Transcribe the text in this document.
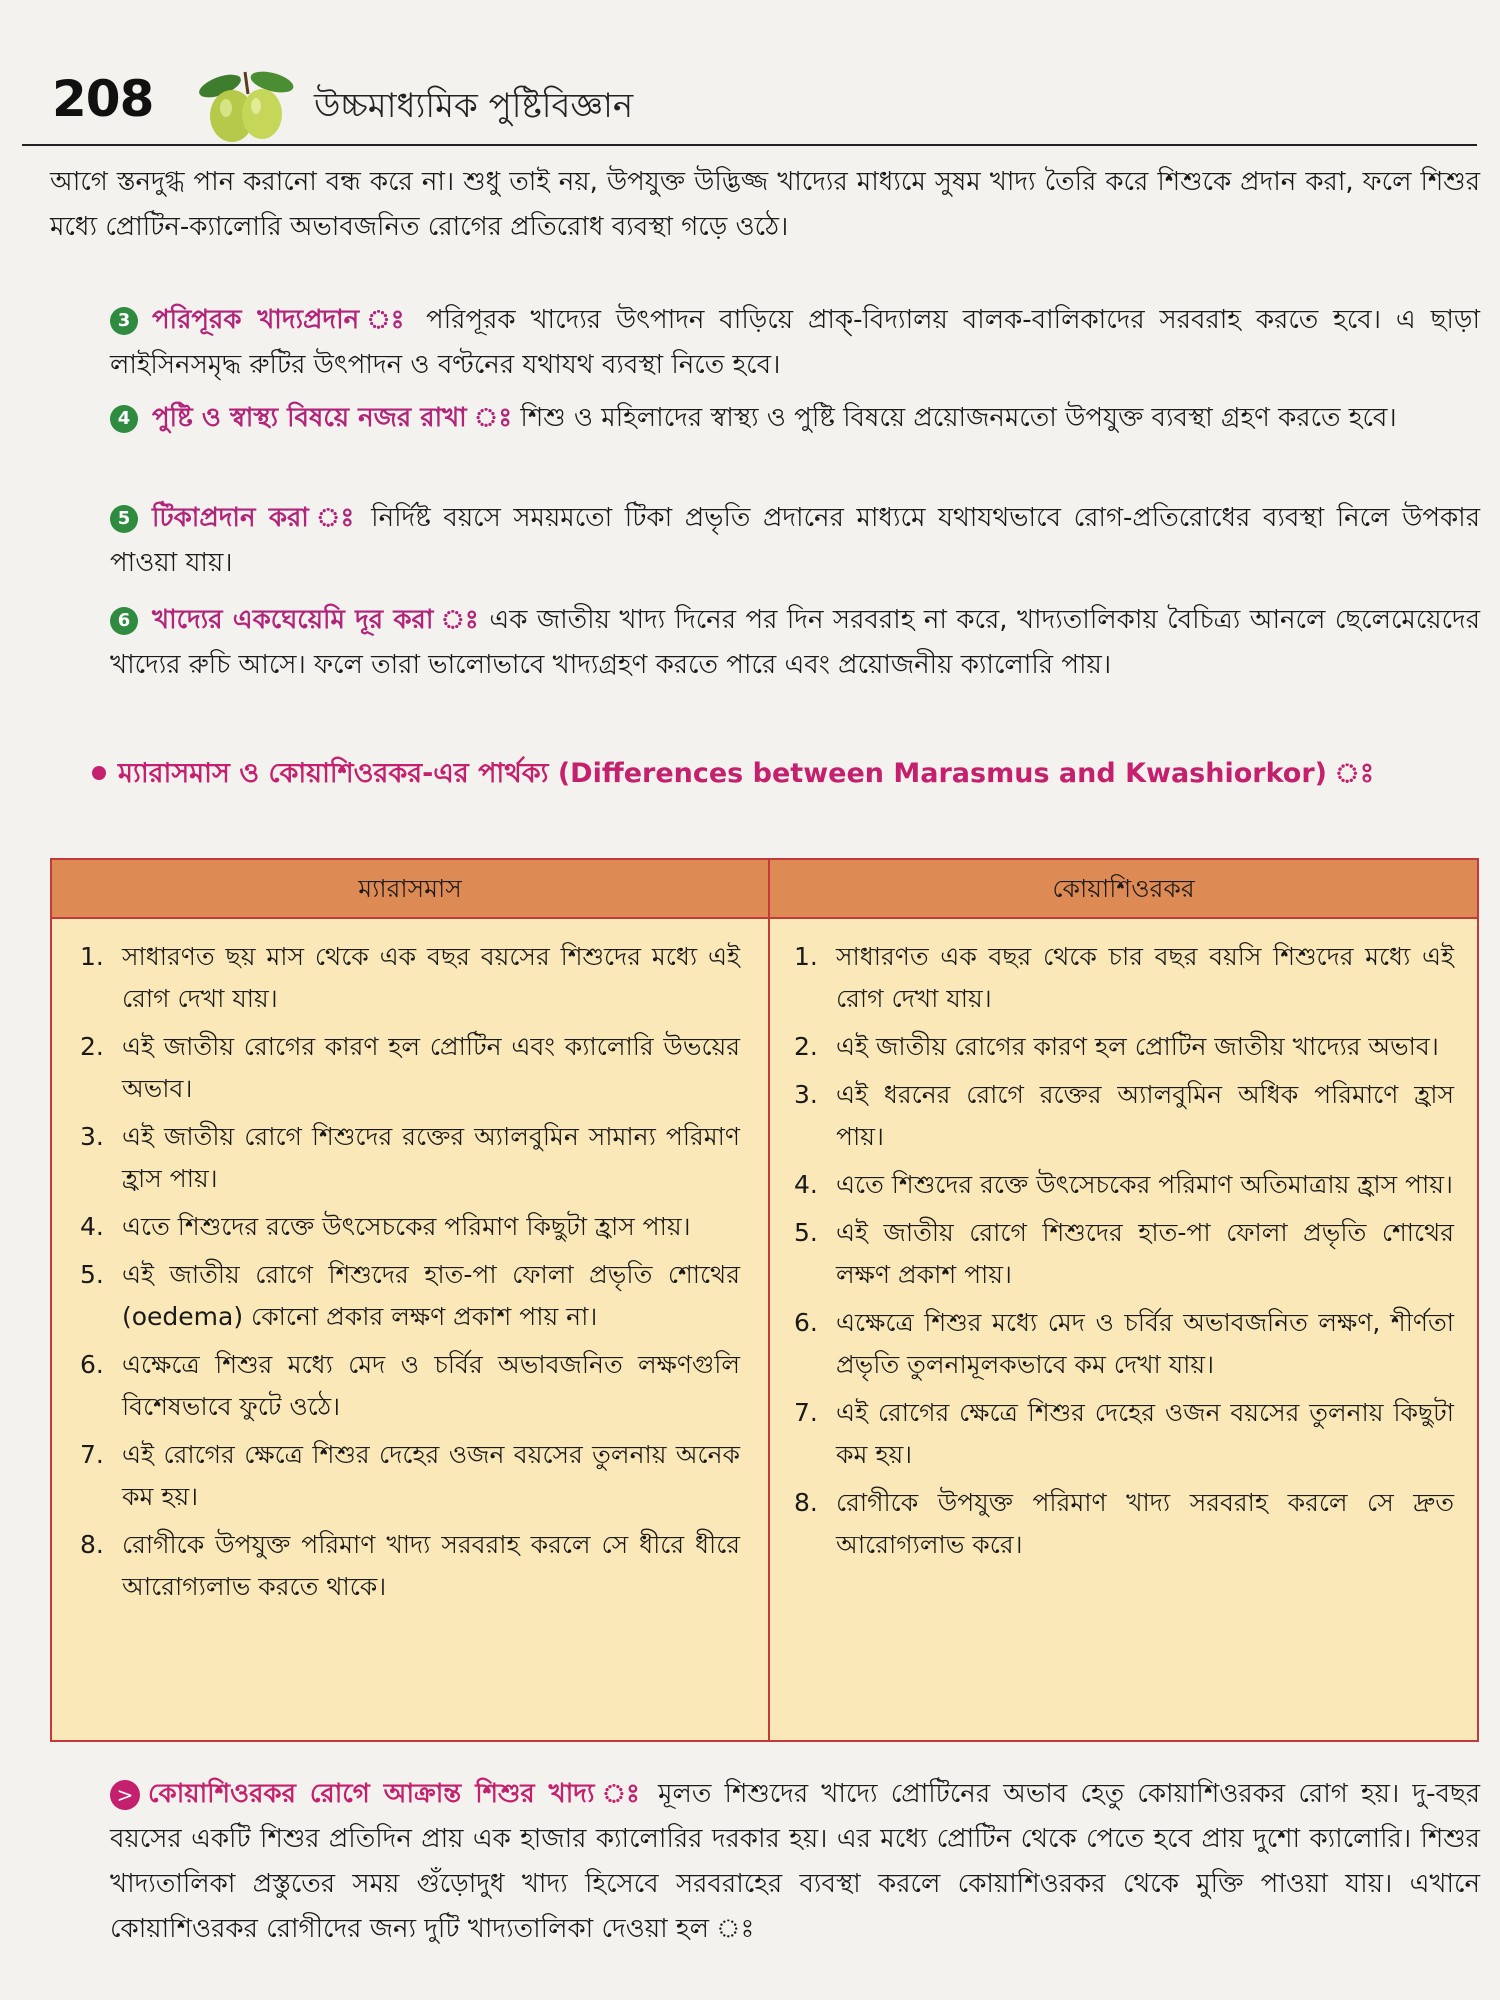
208	উচ্চমাধ্যমিক পুষ্টিবিজ্ঞান
আগে স্তনদুগ্ধ পান করানো বন্ধ করে না। শুধু তাই নয়, উপযুক্ত উদ্ভিজ্জ খাদ্যের মাধ্যমে সুষম খাদ্য তৈরি করে শিশুকে প্রদান করা, ফলে শিশুর মধ্যে প্রোটিন-ক্যালোরি অভাবজনিত রোগের প্রতিরোধ ব্যবস্থা গড়ে ওঠে।
3 পরিপূরক খাদ্যপ্রদান ঃ পরিপূরক খাদ্যের উৎপাদন বাড়িয়ে প্রাক্‌-বিদ্যালয় বালক-বালিকাদের সরবরাহ করতে হবে। এ ছাড়া লাইসিনসমৃদ্ধ রুটির উৎপাদন ও বণ্টনের যথাযথ ব্যবস্থা নিতে হবে।
4 পুষ্টি ও স্বাস্থ্য বিষয়ে নজর রাখা ঃ শিশু ও মহিলাদের স্বাস্থ্য ও পুষ্টি বিষয়ে প্রয়োজনমতো উপযুক্ত ব্যবস্থা গ্রহণ করতে হবে।
5 টিকাপ্রদান করা ঃ নির্দিষ্ট বয়সে সময়মতো টিকা প্রভৃতি প্রদানের মাধ্যমে যথাযথভাবে রোগ-প্রতিরোধের ব্যবস্থা নিলে উপকার পাওয়া যায়।
6 খাদ্যের একঘেয়েমি দূর করা ঃ এক জাতীয় খাদ্য দিনের পর দিন সরবরাহ না করে, খাদ্যতালিকায় বৈচিত্র্য আনলে ছেলেমেয়েদের খাদ্যের রুচি আসে। ফলে তারা ভালোভাবে খাদ্যগ্রহণ করতে পারে এবং প্রয়োজনীয় ক্যালোরি পায়।
ম্যারাসমাস ও কোয়াশিওরকর-এর পার্থক্য (Differences between Marasmus and Kwashiorkor) ঃ
ম্যারাসমাস	কোয়াশিওরকর
1. সাধারণত ছয় মাস থেকে এক বছর বয়সের শিশুদের মধ্যে এই রোগ দেখা যায়।
2. এই জাতীয় রোগের কারণ হল প্রোটিন এবং ক্যালোরি উভয়ের অভাব।
3. এই জাতীয় রোগে শিশুদের রক্তের অ্যালবুমিন সামান্য পরিমাণ হ্রাস পায়।
4. এতে শিশুদের রক্তে উৎসেচকের পরিমাণ কিছুটা হ্রাস পায়।
5. এই জাতীয় রোগে শিশুদের হাত-পা ফোলা প্রভৃতি শোথের (oedema) কোনো প্রকার লক্ষণ প্রকাশ পায় না।
6. এক্ষেত্রে শিশুর মধ্যে মেদ ও চর্বির অভাবজনিত লক্ষণগুলি বিশেষভাবে ফুটে ওঠে।
7. এই রোগের ক্ষেত্রে শিশুর দেহের ওজন বয়সের তুলনায় অনেক কম হয়।
8. রোগীকে উপযুক্ত পরিমাণ খাদ্য সরবরাহ করলে সে ধীরে ধীরে আরোগ্যলাভ করতে থাকে।
1. সাধারণত এক বছর থেকে চার বছর বয়সি শিশুদের মধ্যে এই রোগ দেখা যায়।
2. এই জাতীয় রোগের কারণ হল প্রোটিন জাতীয় খাদ্যের অভাব।
3. এই ধরনের রোগে রক্তের অ্যালবুমিন অধিক পরিমাণে হ্রাস পায়।
4. এতে শিশুদের রক্তে উৎসেচকের পরিমাণ অতিমাত্রায় হ্রাস পায়।
5. এই জাতীয় রোগে শিশুদের হাত-পা ফোলা প্রভৃতি শোথের লক্ষণ প্রকাশ পায়।
6. এক্ষেত্রে শিশুর মধ্যে মেদ ও চর্বির অভাবজনিত লক্ষণ, শীর্ণতা প্রভৃতি তুলনামূলকভাবে কম দেখা যায়।
7. এই রোগের ক্ষেত্রে শিশুর দেহের ওজন বয়সের তুলনায় কিছুটা কম হয়।
8. রোগীকে উপযুক্ত পরিমাণ খাদ্য সরবরাহ করলে সে দ্রুত আরোগ্যলাভ করে।
> কোয়াশিওরকর রোগে আক্রান্ত শিশুর খাদ্য ঃ মূলত শিশুদের খাদ্যে প্রোটিনের অভাব হেতু কোয়াশিওরকর রোগ হয়। দু-বছর বয়সের একটি শিশুর প্রতিদিন প্রায় এক হাজার ক্যালোরির দরকার হয়। এর মধ্যে প্রোটিন থেকে পেতে হবে প্রায় দুশো ক্যালোরি। শিশুর খাদ্যতালিকা প্রস্তুতের সময় গুঁড়োদুধ খাদ্য হিসেবে সরবরাহের ব্যবস্থা করলে কোয়াশিওরকর থেকে মুক্তি পাওয়া যায়। এখানে কোয়াশিওরকর রোগীদের জন্য দুটি খাদ্যতালিকা দেওয়া হল ঃ
